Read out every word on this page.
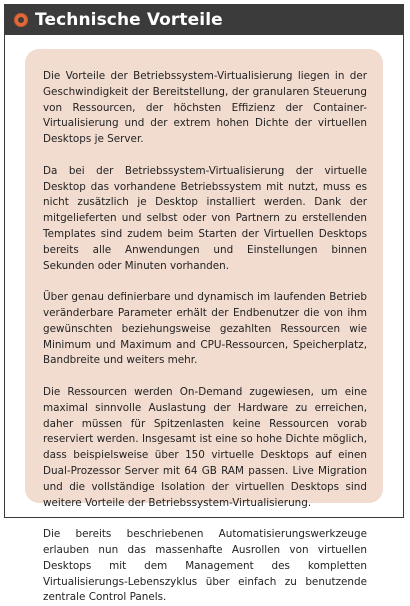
Technische Vorteile

Die Vorteile der Betriebssystem-Virtualisierung liegen in der Geschwindigkeit der Bereitstellung, der granularen Steuerung von Ressourcen, der höchsten Effizienz der Container-Virtualisierung und der extrem hohen Dichte der virtuellen Desktops je Server.

Da bei der Betriebssystem-Virtualisierung der virtuelle Desktop das vorhandene Betriebssystem mit nutzt, muss es nicht zusätzlich je Desktop installiert werden. Dank der mitgelieferten und selbst oder von Partnern zu erstellenden Templates sind zudem beim Starten der Virtuellen Desktops bereits alle Anwendungen und Einstellungen binnen Sekunden oder Minuten vorhanden.

Über genau definierbare und dynamisch im laufenden Betrieb veränderbare Parameter erhält der Endbenutzer die von ihm gewünschten beziehungsweise gezahlten Ressourcen wie Minimum und Maximum and CPU-Ressourcen, Speicherplatz, Bandbreite und weiters mehr.

Die Ressourcen werden On-Demand zugewiesen, um eine maximal sinnvolle Auslastung der Hardware zu erreichen, daher müssen für Spitzenlasten keine Ressourcen vorab reserviert werden. Insgesamt ist eine so hohe Dichte möglich, dass beispielsweise über 150 virtuelle Desktops auf einen Dual-Prozessor Server mit 64 GB RAM passen. Live Migration und die vollständige Isolation der virtuellen Desktops sind weitere Vorteile der Betriebssystem-Virtualisierung.

Die bereits beschriebenen Automatisierungswerkzeuge erlauben nun das massenhafte Ausrollen von virtuellen Desktops mit dem Management des kompletten Virtualisierungs-Lebenszyklus über einfach zu benutzende zentrale Control Panels.
